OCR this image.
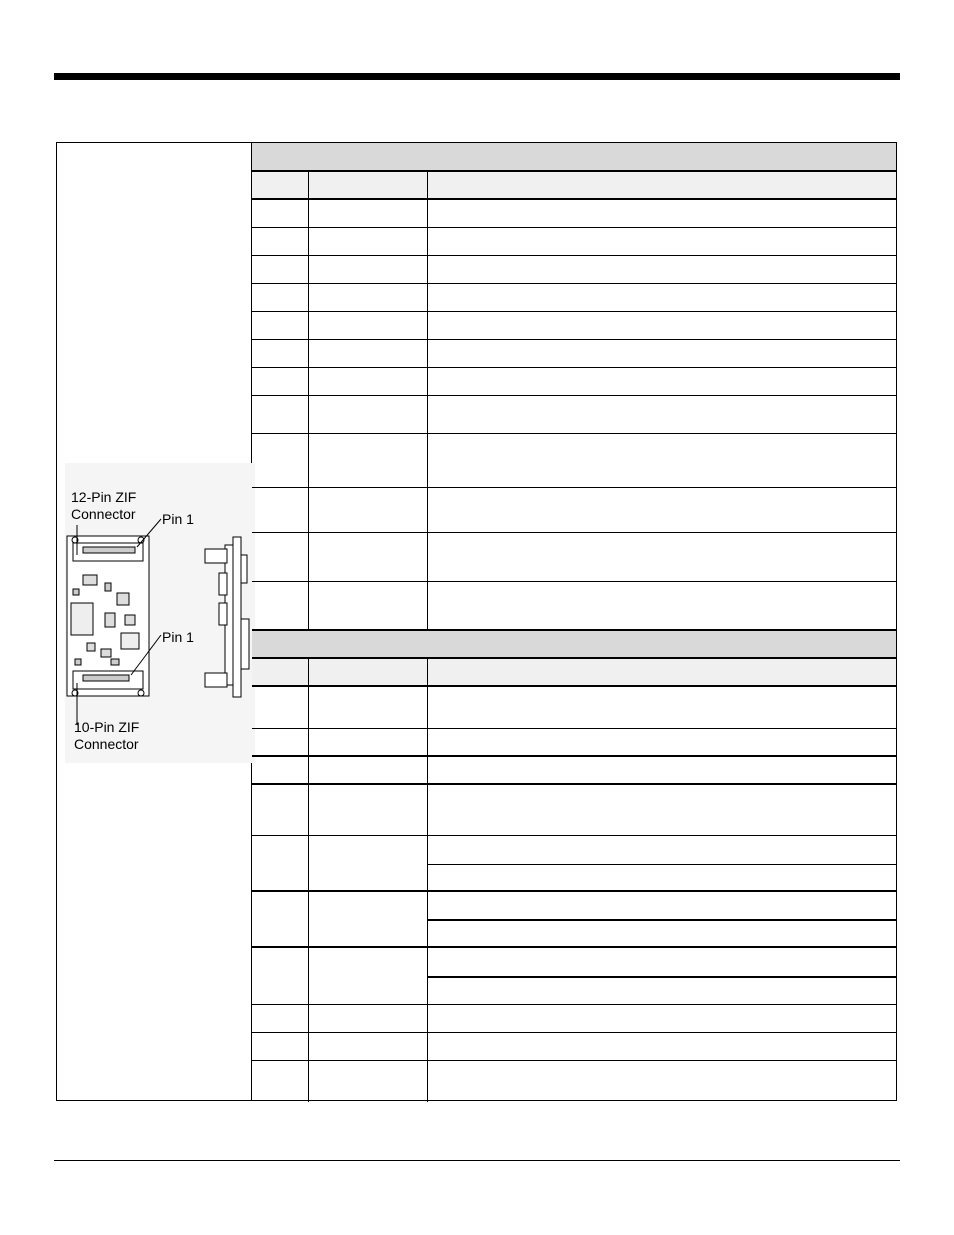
12-Pin ZIF
Connector Pin 1
Pin 1
10-Pin ZIF
Connector
